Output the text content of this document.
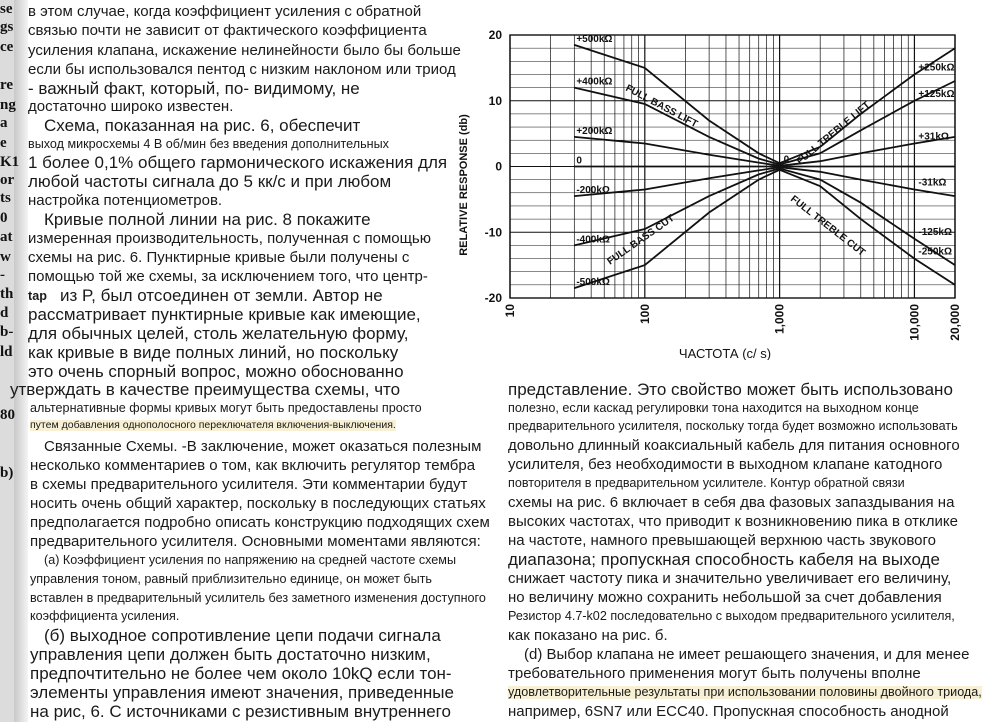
se
gs
ce
re
ng
a
e
K1
or
ts
0
at
w
-
th
d
b-
ld
80
b)
в этом случае, когда коэффициент усиления с обратной
связью почти не зависит от фактического коэффициента
усиления клапана, искажение нелинейности было бы больше
если бы использовался пентод с низким наклоном или триод
- важный факт, который, по- видимому, не
достаточно широко известен.
Схема, показанная на рис. 6, обеспечит
выход микросхемы 4 В об/мин без введения дополнительных
1 более 0,1% общего гармонического искажения для
любой частоты сигнала до 5 кк/с и при любом
настройка потенциометров.
Кривые полной линии на рис. 8 покажите
измеренная производительность, полученная с помощью
схемы на рис. 6. Пунктирные кривые были получены с
помощью той же схемы, за исключением того, что центр-
tap из P, был отсоединен от земли. Автор не
рассматривает пунктирные кривые как имеющие,
для обычных целей, столь желательную форму,
как кривые в виде полных линий, но поскольку
это очень спорный вопрос, можно обоснованно
утверждать в качестве преимущества схемы, что
альтернативные формы кривых могут быть предоставлены просто
путем добавления однополосного переключателя включения-выключения.
Связанные Схемы. -В заключение, может оказаться полезным
несколько комментариев о том, как включить регулятор тембра
в схемы предварительного усилителя. Эти комментарии будут
носить очень общий характер, поскольку в последующих статьях
предполагается подробно описать конструкцию подходящих схем
предварительного усилителя. Основными моментами являются:
(а) Коэффициент усиления по напряжению на средней частоте схемы
управления тоном, равный приблизительно единице, он может быть
вставлен в предварительный усилитель без заметного изменения доступного
коэффициента усиления.
(б) выходное сопротивление цепи подачи сигнала
управления цепи должен быть достаточно низким,
предпочтительно не более чем около 10kQ если тон-
элементы управления имеют значения, приведенные
на рис, 6. С источниками с резистивным внутреннего
+500kΩ
+400kΩ
+200kΩ
0
-200kΩ
-400kΩ
-500kΩ
+250kΩ
+125kΩ
+31kΩ
0
-31kΩ
-125kΩ
-250kΩ
20
10
0
-10
-20
10	100	1,000	10,000 20,000
RELATIVE RESPONSE (db)
ЧАСТОТА (c/ s)
FULL BASS LIFT
FULL BASS CUT
FULL TREBLE LIFT
FULL TREBLE CUT
представление. Это свойство может быть использовано
полезно, если каскад регулировки тона находится на выходном конце
предварительного усилителя, поскольку тогда будет возможно использовать
довольно длинный коаксиальный кабель для питания основного
усилителя, без необходимости в выходном клапане катодного
повторителя в предварительном усилителе. Контур обратной связи
схемы на рис. 6 включает в себя два фазовых запаздывания на
высоких частотах, что приводит к возникновению пика в отклике
на частоте, намного превышающей верхнюю часть звукового
диапазона; пропускная способность кабеля на выходе
снижает частоту пика и значительно увеличивает его величину,
но величину можно сохранить небольшой за счет добавления
Резистор 4.7-k02 последовательно с выходом предварительного усилителя,
как показано на рис. б.
(d) Выбор клапана не имеет решающего значения, и для менее
требовательного применения могут быть получены вполне
удовлетворительные результаты при использовании половины двойного триода,
например, 6SN7 или ECC40. Пропускная способность анодной
